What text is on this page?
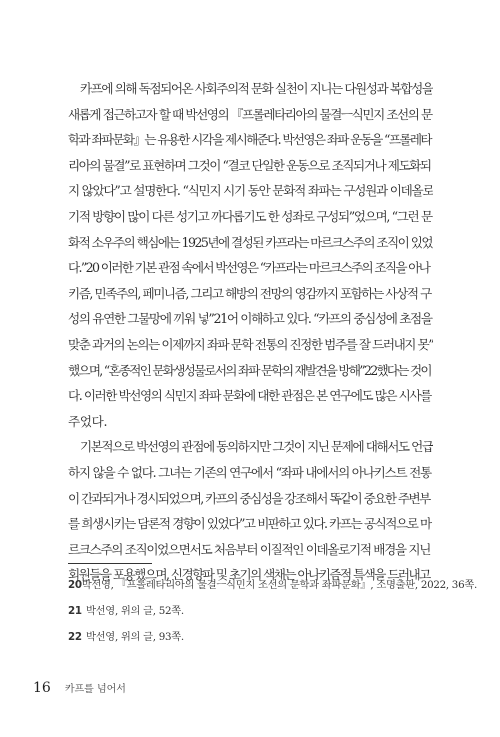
카프에 의해 독점되어온 사회주의적 문화 실천이 지니는 다원성과 복합성을
새롭게 접근하고자 할 때 박선영의 『프롤레타리아의 물결ㅡ식민지 조선의 문
학과 좌파문화』는 유용한 시각을 제시해준다. 박선영은 좌파 운동을 “프롤레타
리아의 물결”로 표현하며 그것이 “결코 단일한 운동으로 조직되거나 제도화되
지 않았다”고 설명한다. “식민지 시기 동안 문화적 좌파는 구성원과 이데올로
기적 방향이 많이 다른 성기고 까다롭기도 한 성좌로 구성되”었으며, “그런 문
화적 소우주의 핵심에는 1925년에 결성된 카프라는 마르크스주의 조직이 있었
다.”20 이러한 기본 관점 속에서 박선영은 “카프라는 마르크스주의 조직을 아나
키즘, 민족주의, 페미니즘, 그리고 해방의 전망의 영감까지 포함하는 사상적 구
성의 유연한 그물망에 끼워 넣”21어 이해하고 있다. “카프의 중심성에 초점을
맞춘 과거의 논의는 이제까지 좌파 문학 전통의 진정한 범주를 잘 드러내지 못”
했으며, “혼종적인 문화생성물로서의 좌파 문학의 재발견을 방해”22했다는 것이
다. 이러한 박선영의 식민지 좌파 문화에 대한 관점은 본 연구에도 많은 시사를
주었다.
기본적으로 박선영의 관점에 동의하지만 그것이 지닌 문제에 대해서도 언급
하지 않을 수 없다. 그녀는 기존의 연구에서 “좌파 내에서의 아나키스트 전통
이 간과되거나 경시되었으며, 카프의 중심성을 강조해서 똑같이 중요한 주변부
를 희생시키는 담론적 경향이 있었다”고 비판하고 있다. 카프는 공식적으로 마
르크스주의 조직이었으면서도 처음부터 이질적인 이데올로기적 배경을 지닌
회원들을 포용했으며, 신경향파 및 초기의 색채는 아나키즘적 특색을 드러내고
20 박선영, 『프롤레타리아의 물결ㅡ식민지 조선의 문학과 좌파문화』, 소명출판, 2022, 36쪽.
21 박선영, 위의 글, 52쪽.
22 박선영, 위의 글, 93쪽.
16 카프를 넘어서
